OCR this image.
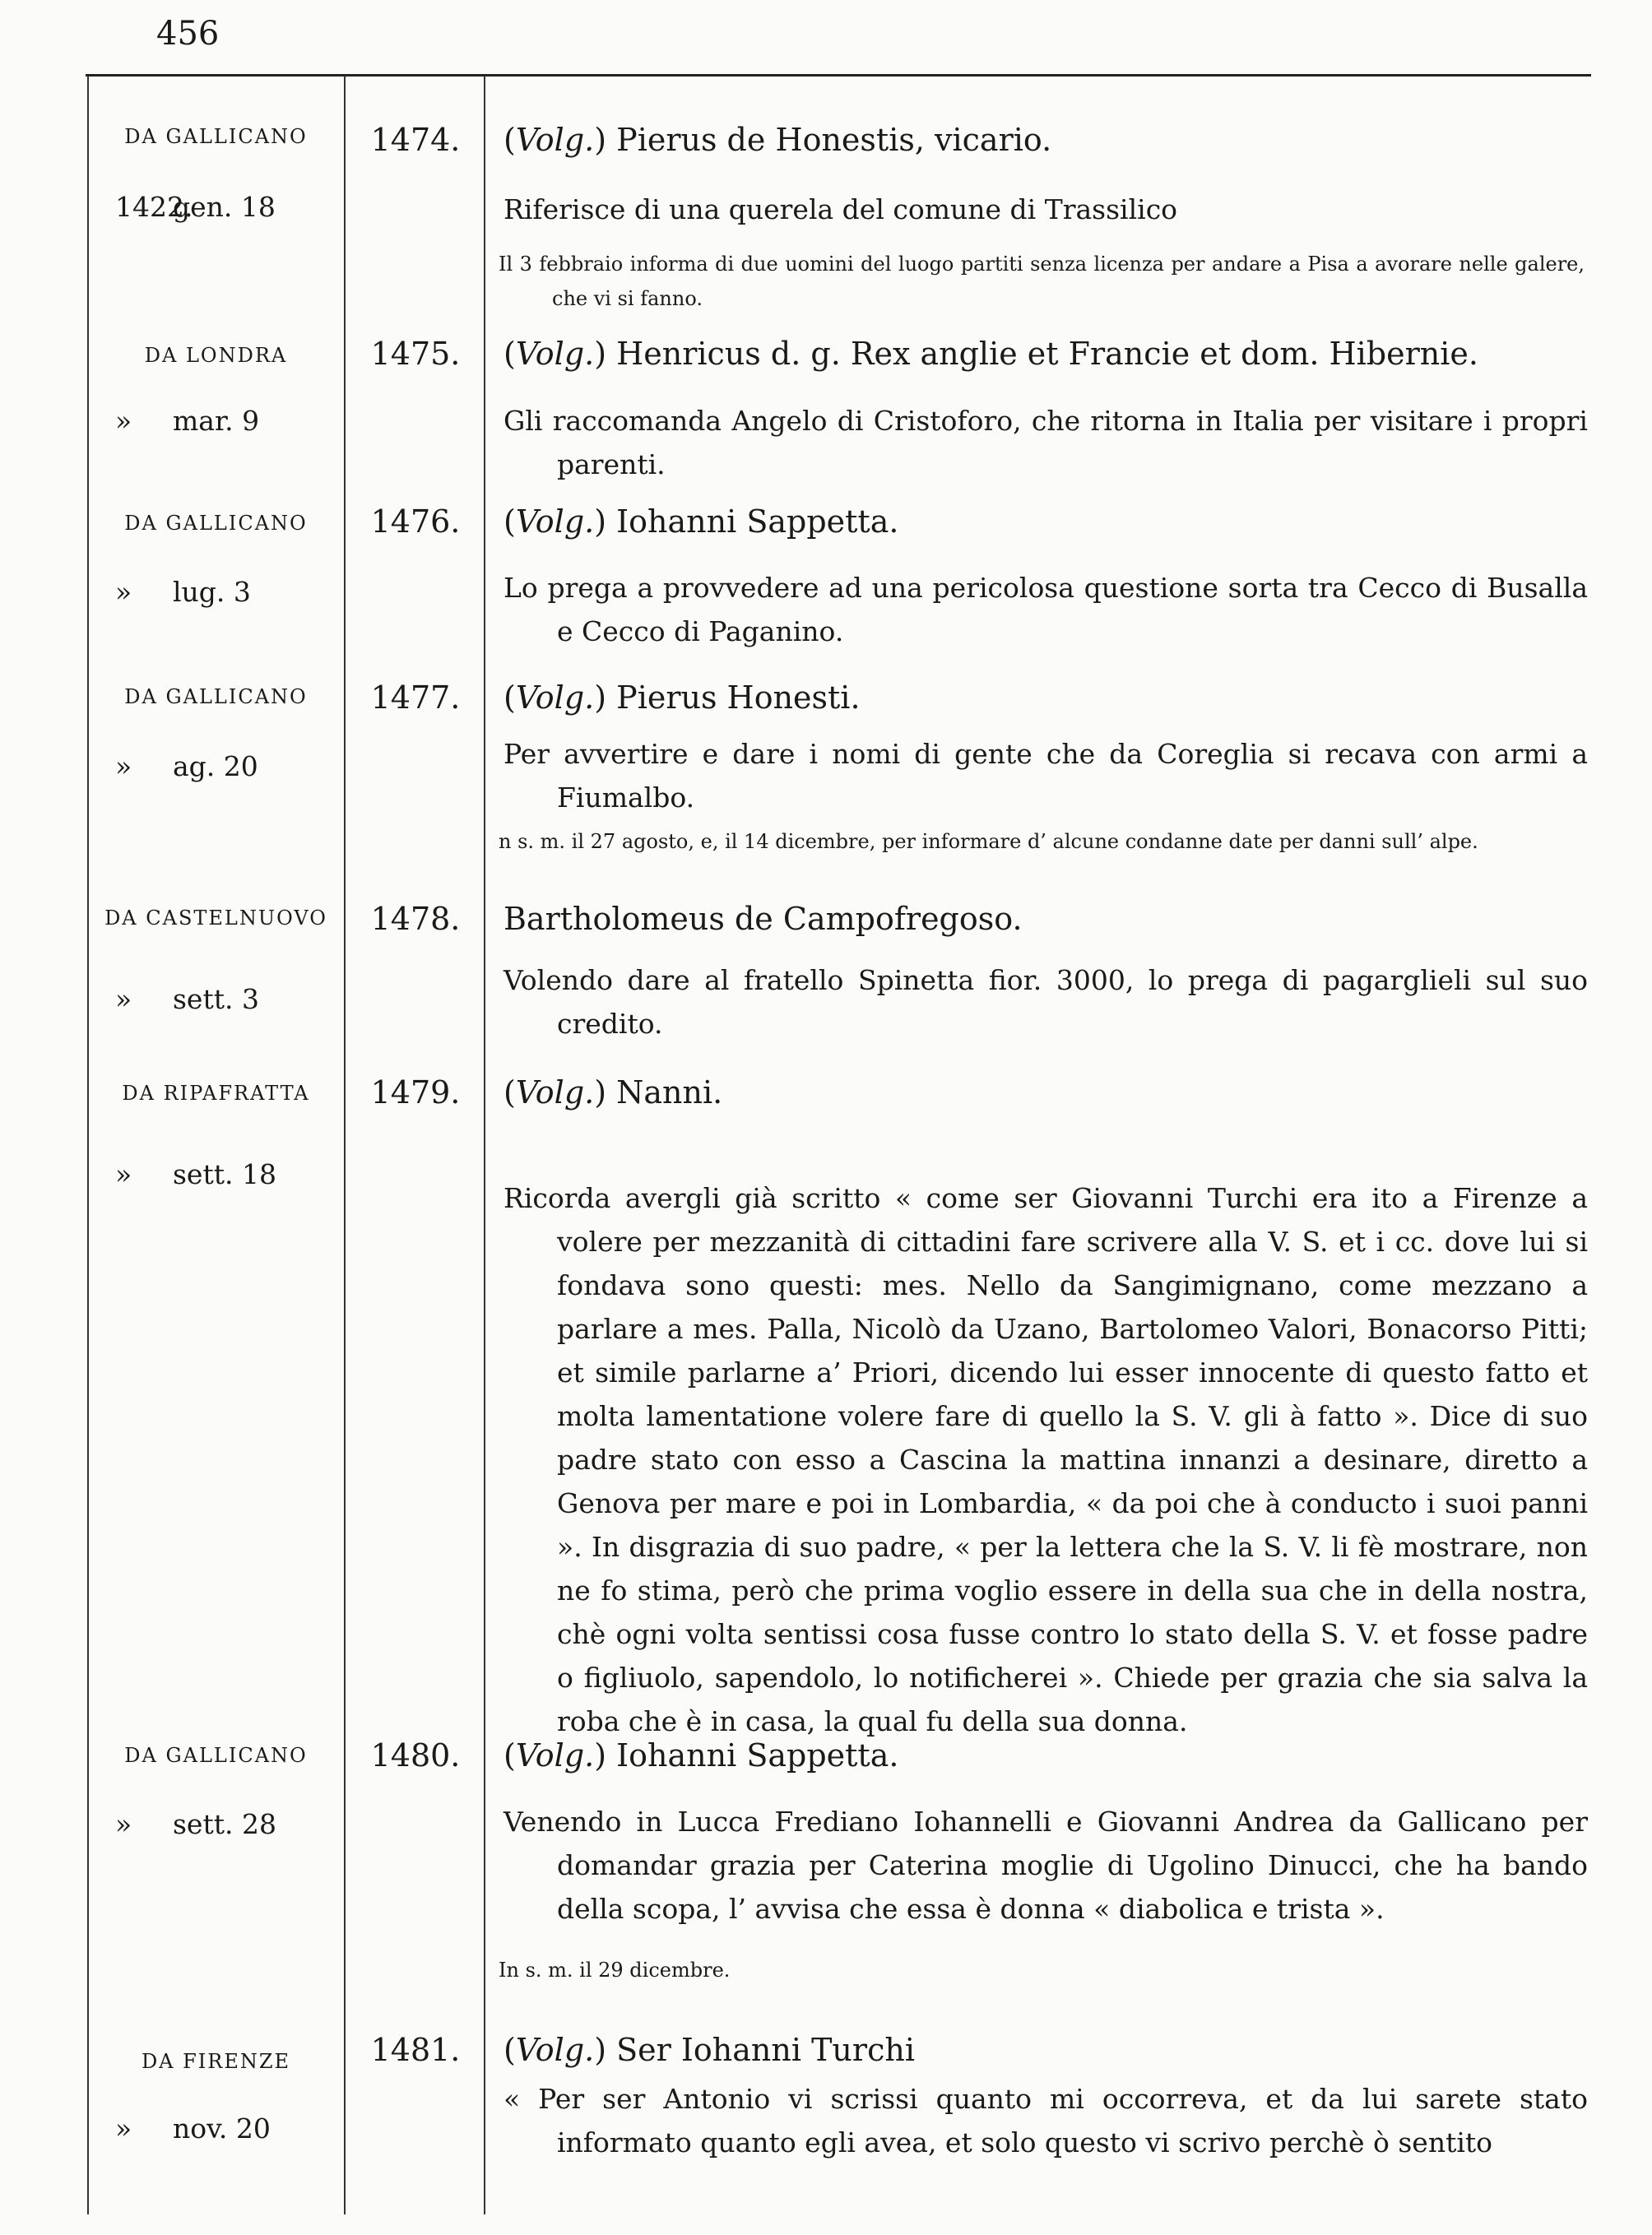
456
DA GALLICANO
1422.gen. 18
1474.	(Volg.) Pierus de Honestis, vicario.
Riferisce di una querela del comune di Trassilico
Il 3 febbraio informa di due uomini del luogo partiti senza licenza per andare a Pisa a avorare nelle galere, che vi si fanno.
DA LONDRA
» mar. 9
1475.	(Volg.) Henricus d. g. Rex anglie et Francie et dom. Hibernie.
Gli raccomanda Angelo di Cristoforo, che ritorna in Italia per visitare i propri parenti.
DA GALLICANO
» lug. 3
1476.	(Volg.) Iohanni Sappetta.
Lo prega a provvedere ad una pericolosa questione sorta tra Cecco di Busalla e Cecco di Paganino.
DA GALLICANO
» ag. 20
1477.	(Volg.) Pierus Honesti.
Per avvertire e dare i nomi di gente che da Coreglia si recava con armi a Fiumalbo.
n s. m. il 27 agosto, e, il 14 dicembre, per informare d’ alcune condanne date per danni sull’ alpe.
DA CASTELNUOVO
» sett. 3
1478.	Bartholomeus de Campofregoso.
Volendo dare al fratello Spinetta fior. 3000, lo prega di pagarglieli sul suo credito.
DA RIPAFRATTA
» sett. 18
1479.	(Volg.) Nanni.
Ricorda avergli già scritto « come ser Giovanni Turchi era ito a Firenze a volere per mezzanità di cittadini fare scrivere alla V. S. et i cc. dove lui si fondava sono questi: mes. Nello da Sangimignano, come mezzano a parlare a mes. Palla, Nicolò da Uzano, Bartolomeo Valori, Bonacorso Pitti; et simile parlarne a’ Priori, dicendo lui esser innocente di questo fatto et molta lamentatione volere fare di quello la S. V. gli à fatto ». Dice di suo padre stato con esso a Cascina la mattina innanzi a desinare, diretto a Genova per mare e poi in Lombardia, « da poi che à conducto i suoi panni ». In disgrazia di suo padre, « per la lettera che la S. V. li fè mostrare, non ne fo stima, però che prima voglio essere in della sua che in della nostra, chè ogni volta sentissi cosa fusse contro lo stato della S. V. et fosse padre o figliuolo, sapendolo, lo notificherei ». Chiede per grazia che sia salva la roba che è in casa, la qual fu della sua donna.
DA GALLICANO
» sett. 28
1480.	(Volg.) Iohanni Sappetta.
Venendo in Lucca Frediano Iohannelli e Giovanni Andrea da Gallicano per domandar grazia per Caterina moglie di Ugolino Dinucci, che ha bando della scopa, l’ avvisa che essa è donna « diabolica e trista ».
In s. m. il 29 dicembre.
DA FIRENZE
» nov. 20
1481.	(Volg.) Ser Iohanni Turchi
« Per ser Antonio vi scrissi quanto mi occorreva, et da lui sarete stato informato quanto egli avea, et solo questo vi scrivo perchè ò sentito
